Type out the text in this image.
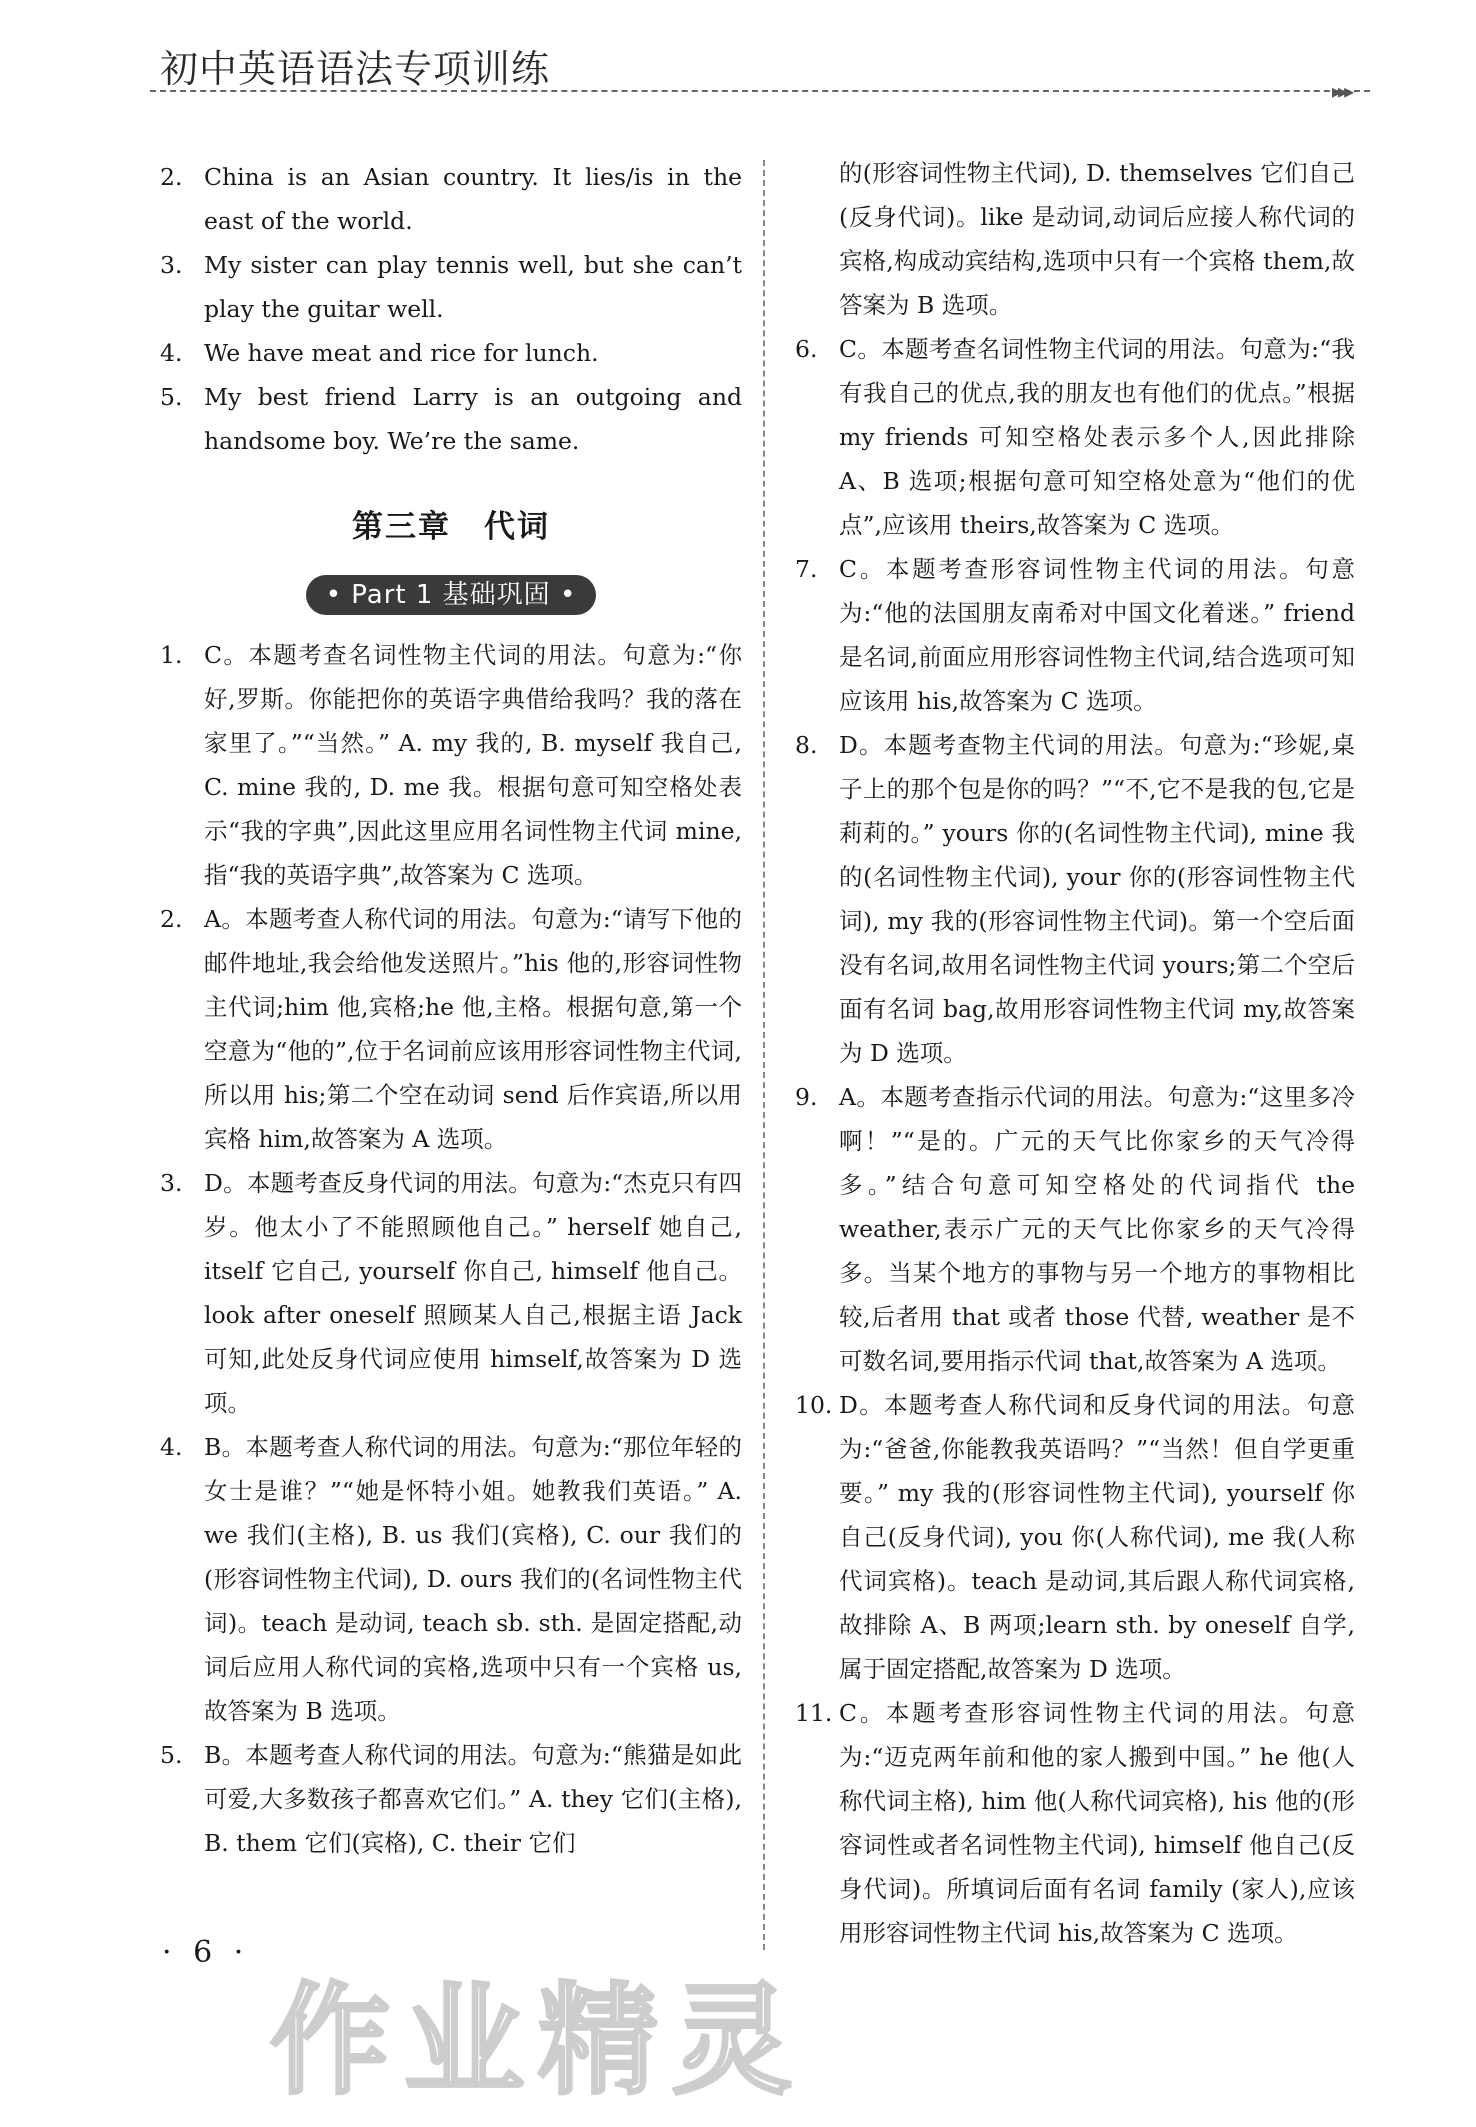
初中英语语法专项训练	▸▸▸
2. China is an Asian country. It lies/is in the east of the world.
3. My sister can play tennis well, but she can’t play the guitar well.
4. We have meat and rice for lunch.
5. My best friend Larry is an outgoing and handsome boy. We’re the same.
第三章　代词
• Part 1 基础巩固 •
1. C。本题考查名词性物主代词的用法。句意为:“你好,罗斯。你能把你的英语字典借给我吗？我的落在家里了。”“当然。” A. my 我的, B. myself 我自己, C. mine 我的, D. me 我。根据句意可知空格处表示“我的字典”,因此这里应用名词性物主代词 mine,指“我的英语字典”,故答案为 C 选项。
2. A。本题考查人称代词的用法。句意为:“请写下他的邮件地址,我会给他发送照片。”his 他的,形容词性物主代词;him 他,宾格;he 他,主格。根据句意,第一个空意为“他的”,位于名词前应该用形容词性物主代词,所以用 his;第二个空在动词 send 后作宾语,所以用宾格 him,故答案为 A 选项。
3. D。本题考查反身代词的用法。句意为:“杰克只有四岁。他太小了不能照顾他自己。” herself 她自己, itself 它自己, yourself 你自己, himself 他自己。look after oneself 照顾某人自己,根据主语 Jack 可知,此处反身代词应使用 himself,故答案为 D 选项。
4. B。本题考查人称代词的用法。句意为:“那位年轻的女士是谁？”“她是怀特小姐。她教我们英语。” A. we 我们(主格), B. us 我们(宾格), C. our 我们的(形容词性物主代词), D. ours 我们的(名词性物主代词)。teach 是动词, teach sb. sth. 是固定搭配,动词后应用人称代词的宾格,选项中只有一个宾格 us,故答案为 B 选项。
5. B。本题考查人称代词的用法。句意为:“熊猫是如此可爱,大多数孩子都喜欢它们。” A. they 它们(主格), B. them 它们(宾格), C. their 它们

的(形容词性物主代词), D. themselves 它们自己(反身代词)。like 是动词,动词后应接人称代词的宾格,构成动宾结构,选项中只有一个宾格 them,故答案为 B 选项。

6. C。本题考查名词性物主代词的用法。句意为:“我有我自己的优点,我的朋友也有他们的优点。”根据 my friends 可知空格处表示多个人,因此排除 A、B 选项;根据句意可知空格处意为“他们的优点”,应该用 theirs,故答案为 C 选项。
7. C。本题考查形容词性物主代词的用法。句意为:“他的法国朋友南希对中国文化着迷。” friend 是名词,前面应用形容词性物主代词,结合选项可知应该用 his,故答案为 C 选项。
8. D。本题考查物主代词的用法。句意为:“珍妮,桌子上的那个包是你的吗？”“不,它不是我的包,它是莉莉的。” yours 你的(名词性物主代词), mine 我的(名词性物主代词), your 你的(形容词性物主代词), my 我的(形容词性物主代词)。第一个空后面没有名词,故用名词性物主代词 yours;第二个空后面有名词 bag,故用形容词性物主代词 my,故答案为 D 选项。
9. A。本题考查指示代词的用法。句意为:“这里多冷啊！”“是的。广元的天气比你家乡的天气冷得多。”结合句意可知空格处的代词指代 the weather,表示广元的天气比你家乡的天气冷得多。当某个地方的事物与另一个地方的事物相比较,后者用 that 或者 those 代替, weather 是不可数名词,要用指示代词 that,故答案为 A 选项。
10. D。本题考查人称代词和反身代词的用法。句意为:“爸爸,你能教我英语吗？”“当然！但自学更重要。” my 我的(形容词性物主代词), yourself 你自己(反身代词), you 你(人称代词), me 我(人称代词宾格)。teach 是动词,其后跟人称代词宾格,故排除 A、B 两项;learn sth. by oneself 自学,属于固定搭配,故答案为 D 选项。
11. C。本题考查形容词性物主代词的用法。句意为:“迈克两年前和他的家人搬到中国。” he 他(人称代词主格), him 他(人称代词宾格), his 他的(形容词性或者名词性物主代词), himself 他自己(反身代词)。所填词后面有名词 family (家人),应该用形容词性物主代词 his,故答案为 C 选项。
· 6 ·
作业精灵
